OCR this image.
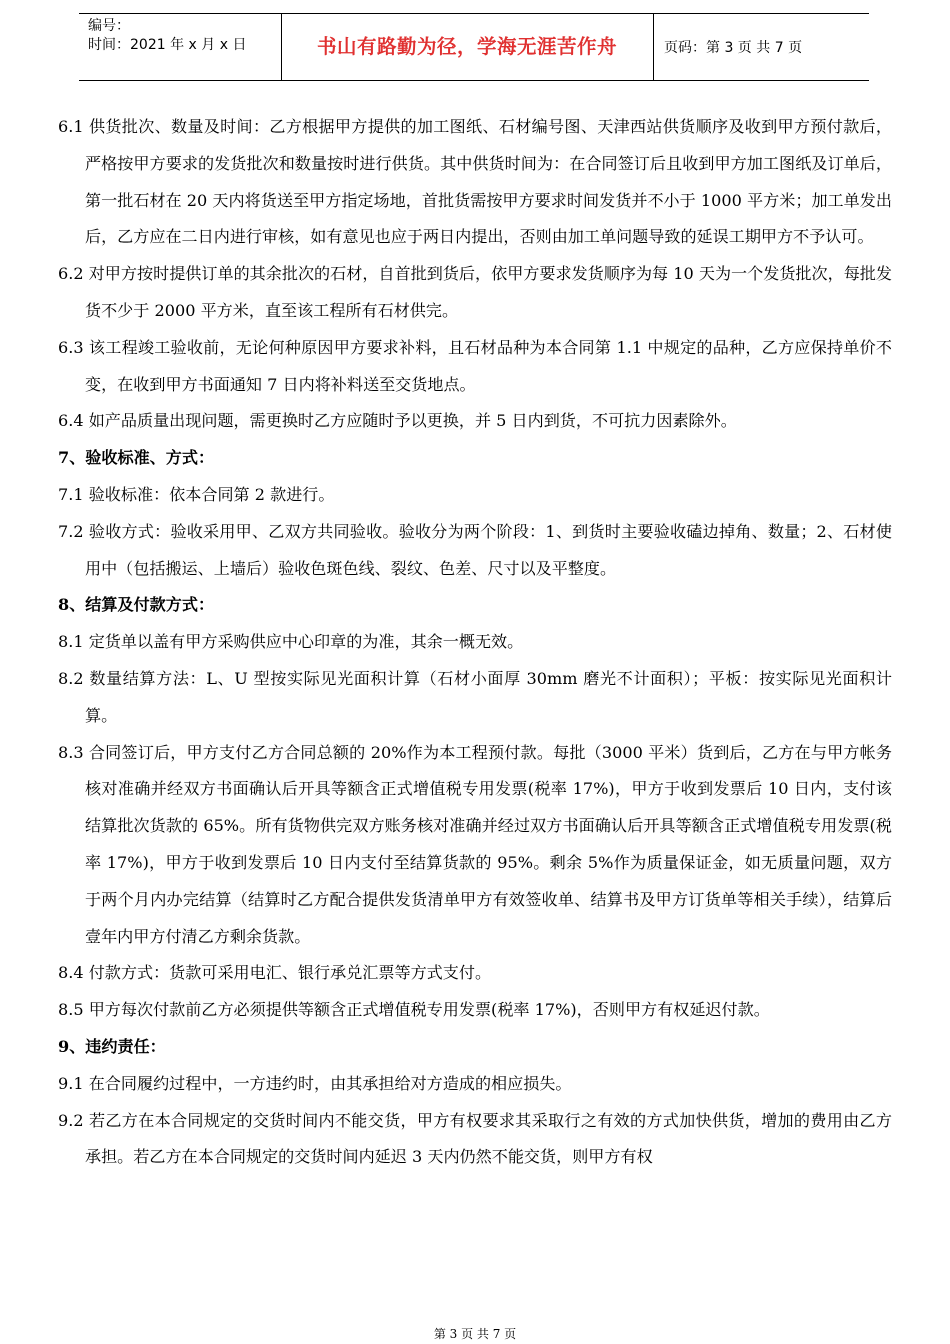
编号：
时间：2021 年 x 月 x 日	书山有路勤为径，学海无涯苦作舟	页码：第 3 页 共 7 页

6.1 供货批次、数量及时间：乙方根据甲方提供的加工图纸、石材编号图、天津西站供货顺序及收到甲方预付款后，严格按甲方要求的发货批次和数量按时进行供货。其中供货时间为：在合同签订后且收到甲方加工图纸及订单后，第一批石材在 20 天内将货送至甲方指定场地，首批货需按甲方要求时间发货并不小于 1000 平方米；加工单发出后，乙方应在二日内进行审核，如有意见也应于两日内提出，否则由加工单问题导致的延误工期甲方不予认可。

6.2 对甲方按时提供订单的其余批次的石材，自首批到货后，依甲方要求发货顺序为每 10 天为一个发货批次，每批发货不少于 2000 平方米，直至该工程所有石材供完。

6.3 该工程竣工验收前，无论何种原因甲方要求补料，且石材品种为本合同第 1.1 中规定的品种，乙方应保持单价不变，在收到甲方书面通知 7 日内将补料送至交货地点。

6.4 如产品质量出现问题，需更换时乙方应随时予以更换，并 5 日内到货，不可抗力因素除外。

7、验收标准、方式：

7.1 验收标准：依本合同第 2 款进行。

7.2 验收方式：验收采用甲、乙双方共同验收。验收分为两个阶段：1、到货时主要验收磕边掉角、数量；2、石材使用中（包括搬运、上墙后）验收色斑色线、裂纹、色差、尺寸以及平整度。

8、结算及付款方式：

8.1 定货单以盖有甲方采购供应中心印章的为准，其余一概无效。

8.2 数量结算方法：L、U 型按实际见光面积计算（石材小面厚 30mm 磨光不计面积）；平板：按实际见光面积计算。

8.3 合同签订后，甲方支付乙方合同总额的 20%作为本工程预付款。每批（3000 平米）货到后，乙方在与甲方帐务核对准确并经双方书面确认后开具等额含正式增值税专用发票(税率 17%)，甲方于收到发票后 10 日内，支付该结算批次货款的 65%。所有货物供完双方账务核对准确并经过双方书面确认后开具等额含正式增值税专用发票(税率 17%)，甲方于收到发票后 10 日内支付至结算货款的 95%。剩余 5%作为质量保证金，如无质量问题，双方于两个月内办完结算（结算时乙方配合提供发货清单甲方有效签收单、结算书及甲方订货单等相关手续），结算后壹年内甲方付清乙方剩余货款。

8.4 付款方式：货款可采用电汇、银行承兑汇票等方式支付。

8.5 甲方每次付款前乙方必须提供等额含正式增值税专用发票(税率 17%)，否则甲方有权延迟付款。

9、违约责任：

9.1 在合同履约过程中，一方违约时，由其承担给对方造成的相应损失。

9.2 若乙方在本合同规定的交货时间内不能交货，甲方有权要求其采取行之有效的方式加快供货，增加的费用由乙方承担。若乙方在本合同规定的交货时间内延迟 3 天内仍然不能交货，则甲方有权

第 3 页 共 7 页
